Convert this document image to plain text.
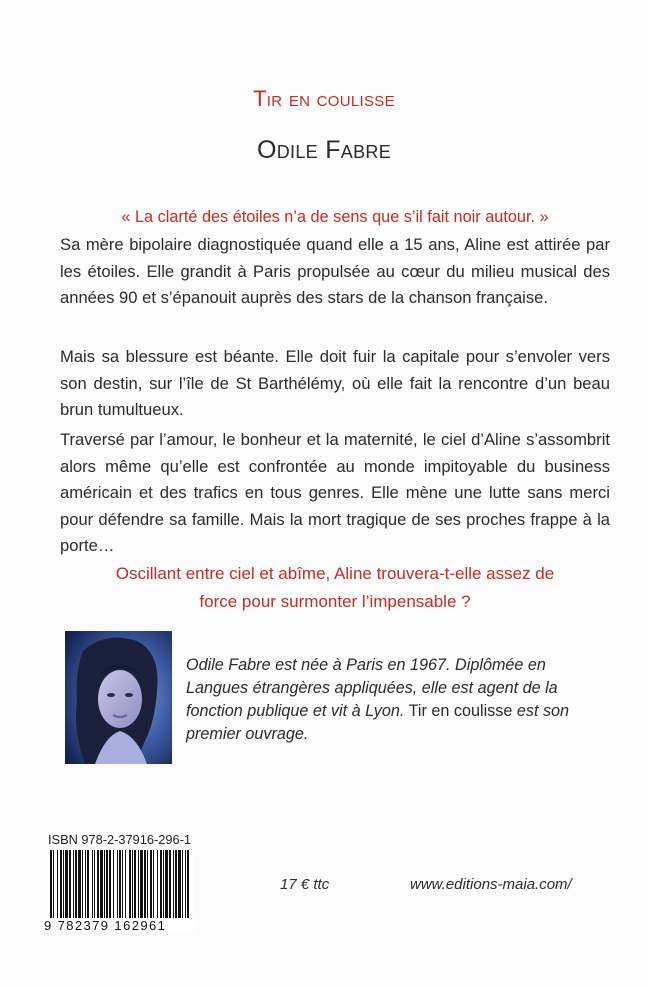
Tir en coulisse
Odile Fabre
« La clarté des étoiles n’a de sens que s’il fait noir autour. »

Sa mère bipolaire diagnostiquée quand elle a 15 ans, Aline est attirée par les étoiles. Elle grandit à Paris propulsée au cœur du milieu musical des années 90 et s’épanouit auprès des stars de la chanson française.

Mais sa blessure est béante. Elle doit fuir la capitale pour s’envoler vers son destin, sur l’île de St Barthélémy, où elle fait la rencontre d’un beau brun tumultueux.

Traversé par l’amour, le bonheur et la maternité, le ciel d’Aline s’assombrit alors même qu’elle est confrontée au monde impitoyable du business américain et des trafics en tous genres. Elle mène une lutte sans merci pour défendre sa famille. Mais la mort tragique de ses proches frappe à la porte…

Oscillant entre ciel et abîme, Aline trouvera-t-elle assez de force pour surmonter l’impensable ?

Odile Fabre est née à Paris en 1967. Diplômée en Langues étrangères appliquées, elle est agent de la fonction publique et vit à Lyon. Tir en coulisse est son premier ouvrage.

ISBN 978-2-37916-296-1
9 782379 162961
17 € ttc	www.editions-maia.com/
